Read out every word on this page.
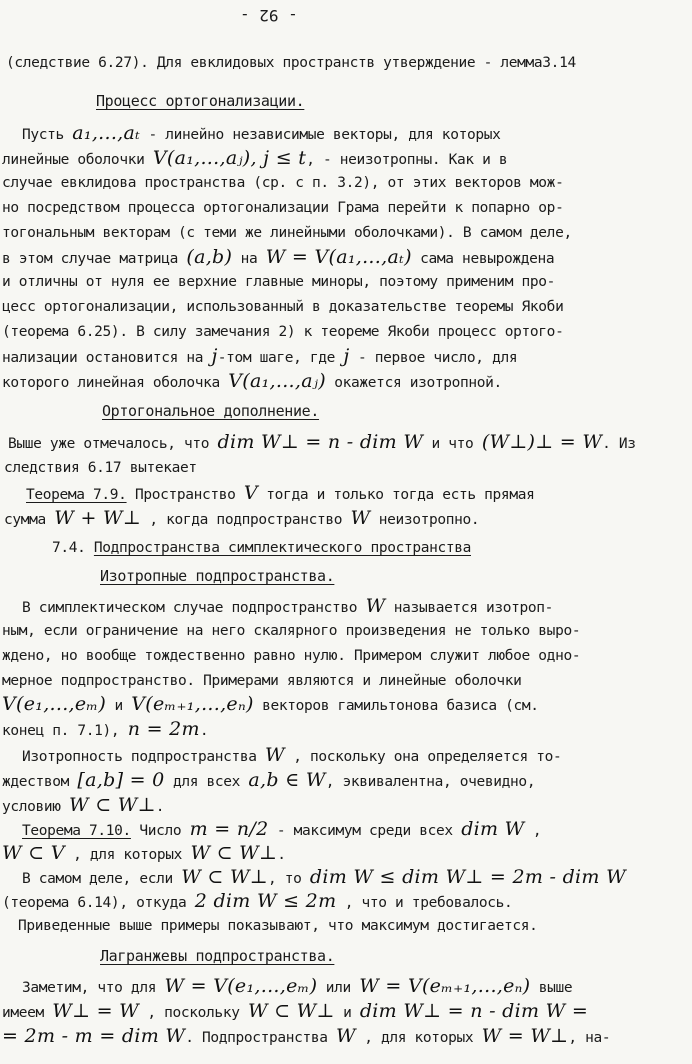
- 92 -
(следствие 6.27). Для евклидовых пространств утверждение - лемма3.14
Процесс ортогонализации.
Пусть a₁,...,aₜ - линейно независимые векторы, для которых
линейные оболочки V(a₁,...,aⱼ), j ≤ t, - неизотропны. Как и в
случае евклидова пространства (ср. с п. 3.2), от этих векторов мож-
но посредством процесса ортогонализации Грама перейти к попарно ор-
тогональным векторам (с теми же линейными оболочками). В самом деле,
в этом случае матрица (a,b) на W = V(a₁,...,aₜ) сама невырождена
и отличны от нуля ее верхние главные миноры, поэтому применим про-
цесс ортогонализации, использованный в доказательстве теоремы Якоби
(теорема 6.25). В силу замечания 2) к теореме Якоби процесс ортого-
нализации остановится на j-том шаге, где j - первое число, для
которого линейная оболочка V(a₁,...,aⱼ) окажется изотропной.
Ортогональное дополнение.
Выше уже отмечалось, что dim W⊥ = n - dim W и что (W⊥)⊥ = W. Из
следствия 6.17 вытекает
Теорема 7.9. Пространство V тогда и только тогда есть прямая
сумма W + W⊥ , когда подпространство W неизотропно.
7.4. Подпространства симплектического пространства
Изотропные подпространства.
В симплектическом случае подпространство W называется изотроп-
ным, если ограничение на него скалярного произведения не только выро-
ждено, но вообще тождественно равно нулю. Примером служит любое одно-
мерное подпространство. Примерами являются и линейные оболочки
V(e₁,...,eₘ) и V(eₘ₊₁,...,eₙ) векторов гамильтонова базиса (см.
конец п. 7.1), n = 2m.
Изотропность подпространства W , поскольку она определяется то-
ждеством [a,b] = 0 для всех a,b ∈ W, эквивалентна, очевидно,
условию W ⊂ W⊥.
Теорема 7.10. Число m = n/2 - максимум среди всех dim W ,
W ⊂ V , для которых W ⊂ W⊥.
В самом деле, если W ⊂ W⊥, то dim W ≤ dim W⊥ = 2m - dim W
(теорема 6.14), откуда 2 dim W ≤ 2m , что и требовалось.
Приведенные выше примеры показывают, что максимум достигается.
Лагранжевы подпространства.
Заметим, что для W = V(e₁,...,eₘ) или W = V(eₘ₊₁,...,eₙ) выше
имеем W⊥ = W , поскольку W ⊂ W⊥ и dim W⊥ = n - dim W =
= 2m - m = dim W. Подпространства W , для которых W = W⊥, на-
